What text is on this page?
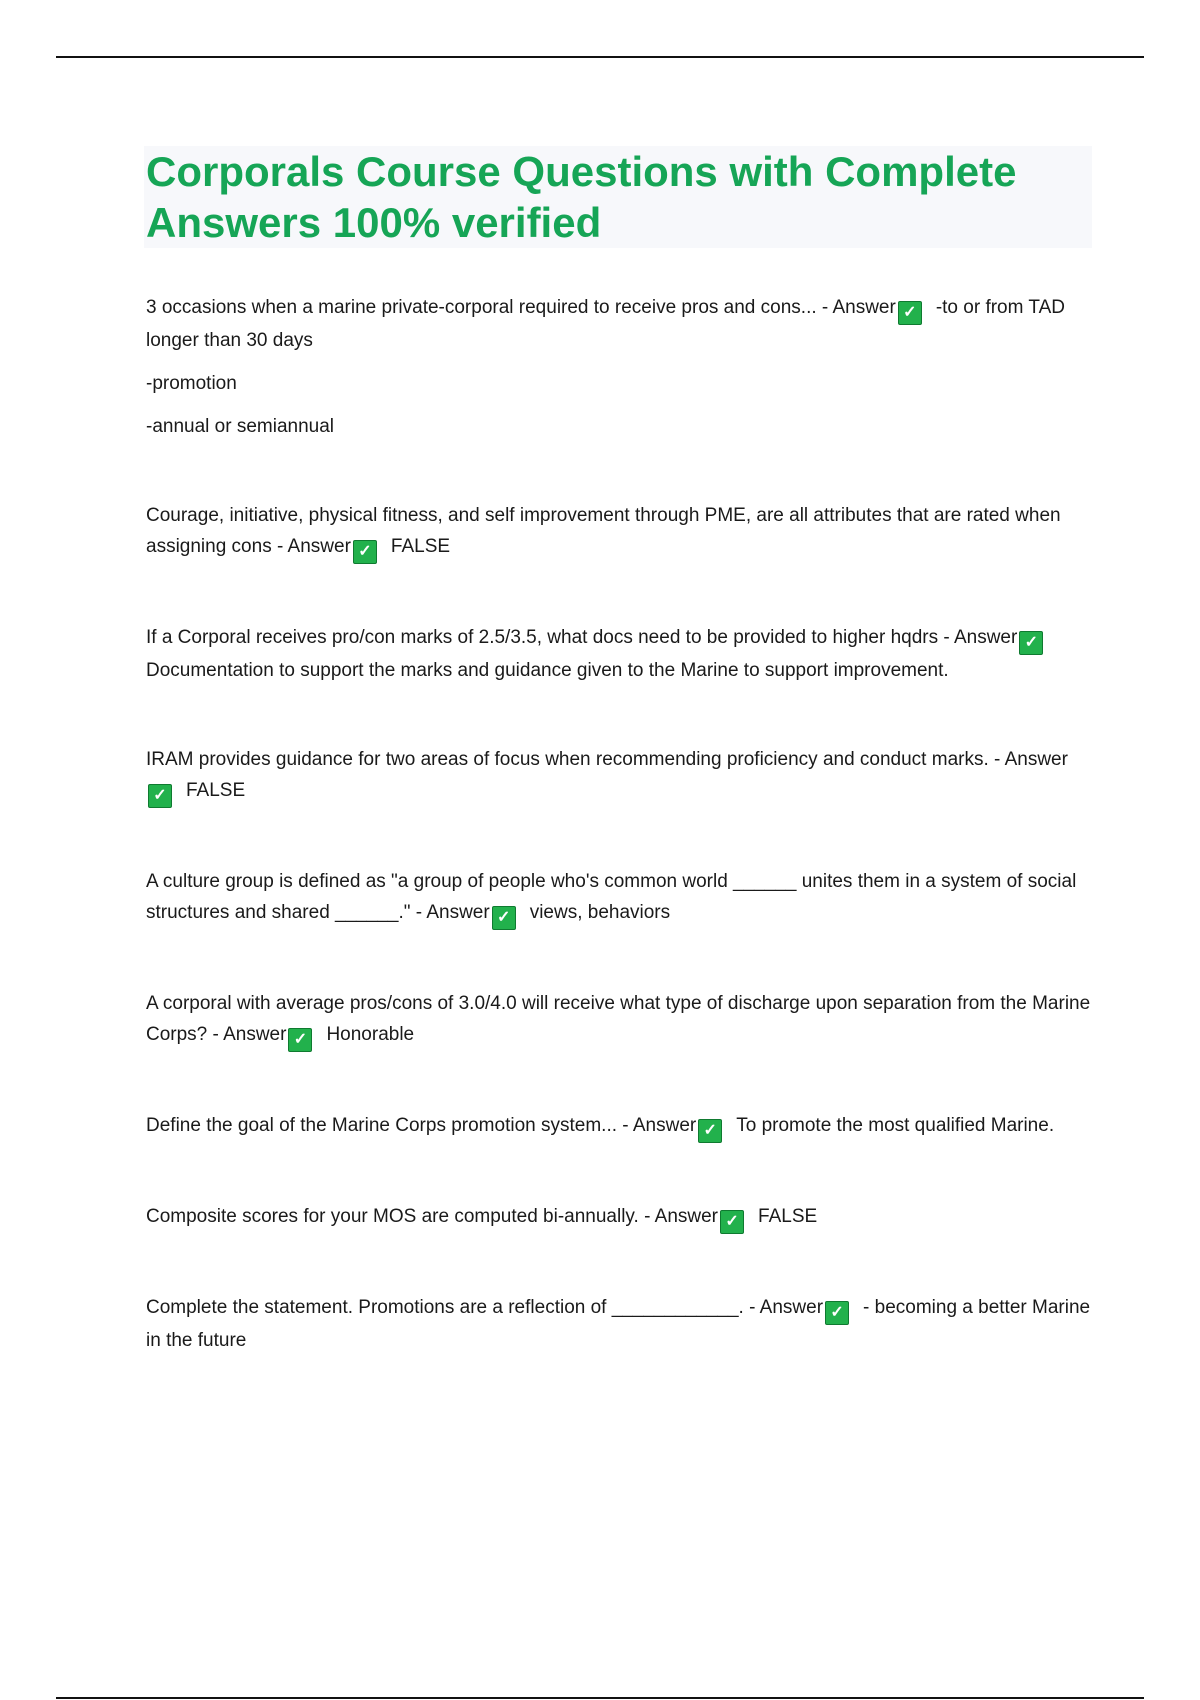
Corporals Course Questions with Complete
Answers 100% verified

3 occasions when a marine private-corporal required to receive pros and cons... - Answer ✓ -to or from TAD longer than 30 days

-promotion

-annual or semiannual

Courage, initiative, physical fitness, and self improvement through PME, are all attributes that are rated when assigning cons - Answer ✓ FALSE

If a Corporal receives pro/con marks of 2.5/3.5, what docs need to be provided to higher hqdrs - Answer ✓Documentation to support the marks and guidance given to the Marine to support improvement.

IRAM provides guidance for two areas of focus when recommending proficiency and conduct marks. - Answer✓ FALSE

A culture group is defined as "a group of people who's common world ______ unites them in a system of social structures and shared ______." - Answer ✓ views, behaviors

A corporal with average pros/cons of 3.0/4.0 will receive what type of discharge upon separation from the Marine Corps? - Answer ✓ Honorable

Define the goal of the Marine Corps promotion system... - Answer ✓ To promote the most qualified Marine.

Composite scores for your MOS are computed bi-annually. - Answer ✓ FALSE

Complete the statement. Promotions are a reflection of ____________. - Answer ✓ - becoming a better Marine in the future
